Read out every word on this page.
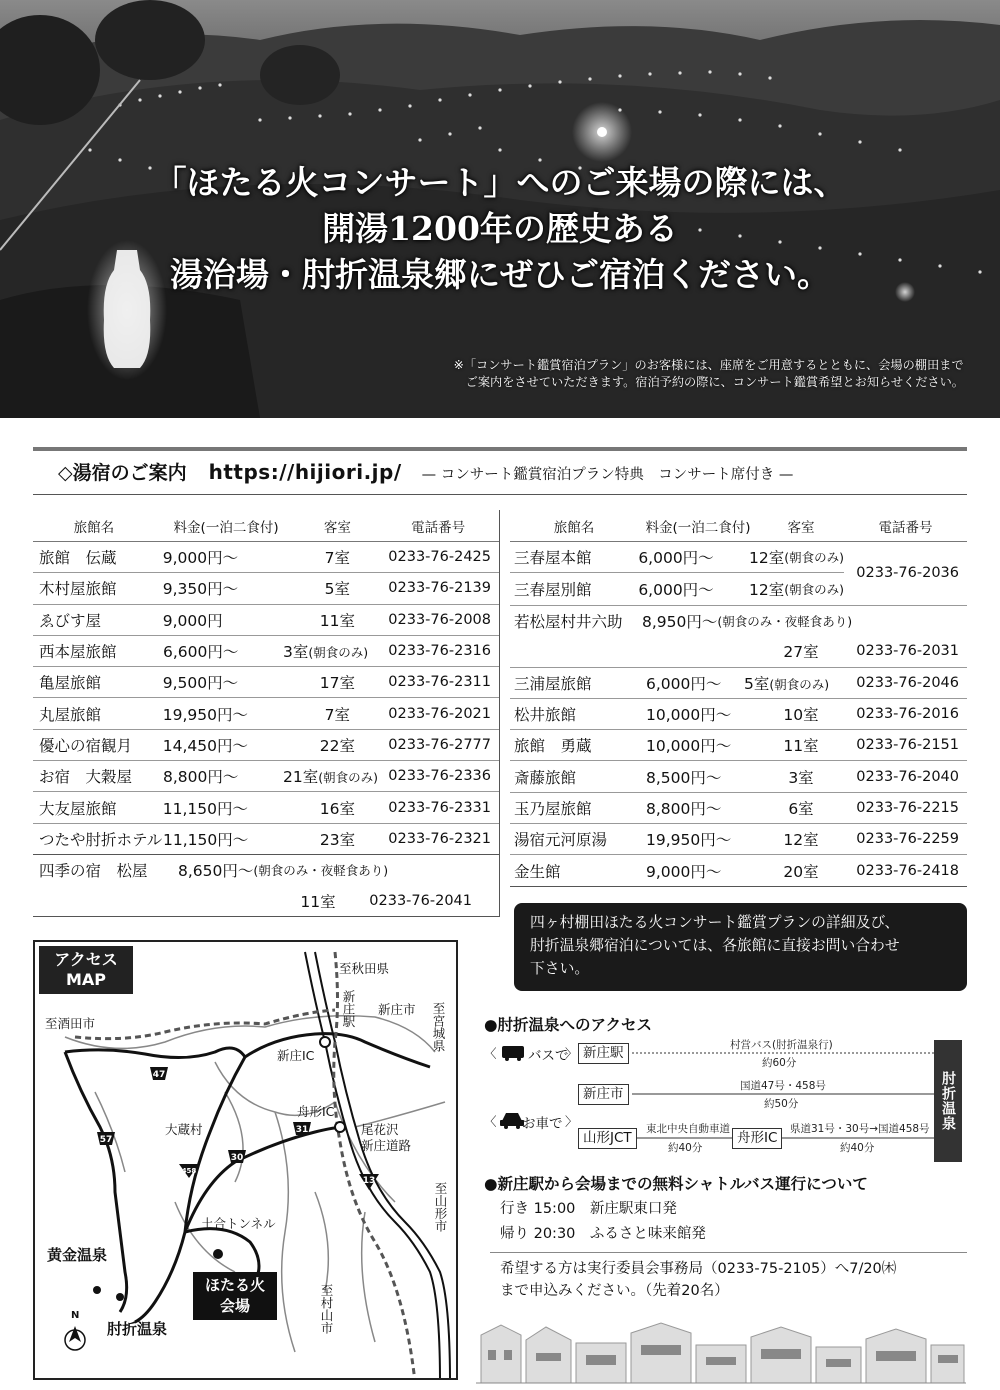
「ほたる火コンサート」へのご来場の際には、
開湯1200年の歴史ある
湯治場・肘折温泉郷にぜひご宿泊ください。
※「コンサート鑑賞宿泊プラン」のお客様には、座席をご用意するとともに、会場の棚田まで
ご案内をさせていただきます。宿泊予約の際に、コンサート鑑賞希望とお知らせください。
◇湯宿のご案内 https://hijiori.jp/ — コンサート鑑賞宿泊プラン特典　コンサート席付き —
旅館名	料金(一泊二食付)	客室	電話番号
旅館　伝蔵	9,000円〜	7室	0233-76-2425
木村屋旅館	9,350円〜	5室	0233-76-2139
ゑびす屋	9,000円	11室	0233-76-2008
西本屋旅館	6,600円〜	3室(朝食のみ)	0233-76-2316
亀屋旅館	9,500円〜	17室	0233-76-2311
丸屋旅館	19,950円〜	7室	0233-76-2021
優心の宿観月	14,450円〜	22室	0233-76-2777
お宿　大穀屋	8,800円〜	21室(朝食のみ) 0233-76-2336
大友屋旅館	11,150円〜	16室	0233-76-2331
つたや肘折ホテル 11,150円〜	23室	0233-76-2321
四季の宿　松屋	8,650円〜 (朝食のみ・夜軽食あり)
11室	0233-76-2041
旅館名	料金(一泊二食付)	客室	電話番号
三春屋本館	6,000円〜	12室 (朝食のみ)
三春屋別館	6,000円〜	12室 (朝食のみ)
0233-76-2036
若松屋村井六助	8,950円〜 (朝食のみ・夜軽食あり)
27室	0233-76-2031
三浦屋旅館	6,000円〜	5室(朝食のみ)	0233-76-2046
松井旅館	10,000円〜	10室	0233-76-2016
旅館　勇蔵	10,000円〜	11室	0233-76-2151
斎藤旅館	8,500円〜	3室	0233-76-2040
玉乃屋旅館	8,800円〜	6室	0233-76-2215
湯宿元河原湯	19,950円〜	12室	0233-76-2259
金生館	9,000円〜	20室	0233-76-2418
四ヶ村棚田ほたる火コンサート鑑賞プランの詳細及び、
肘折温泉郷宿泊については、各旅館に直接お問い合わせ
下さい。
47
57
458
30
31
13
アクセス
MAP
至秋田県
至酒田市	新庄駅 新庄市 至宮城県
新庄IC
舟形IC
大蔵村	尾花沢
新庄道路
至山形市
土合トンネル
黄金温泉
肘折温泉	至村山市
N
ほたる火
会場
●肘折温泉へのアクセス
〈 バスで
〉 新庄駅	村営バス(肘折温泉行)
約60分
新庄市	国道47号・458号
約50分
〈 お車で 〉
山形JCT
東北中央自動車道
約40分
舟形IC
県道31号・30号→国道458号
約40分
肘折温泉
●新庄駅から会場までの無料シャトルバス運行について
行き 15:00　新庄駅東口発
帰り 20:30　ふるさと味来館発
希望する方は実行委員会事務局（0233-75-2105）へ7/20㈭
まで申込みください。（先着20名）
